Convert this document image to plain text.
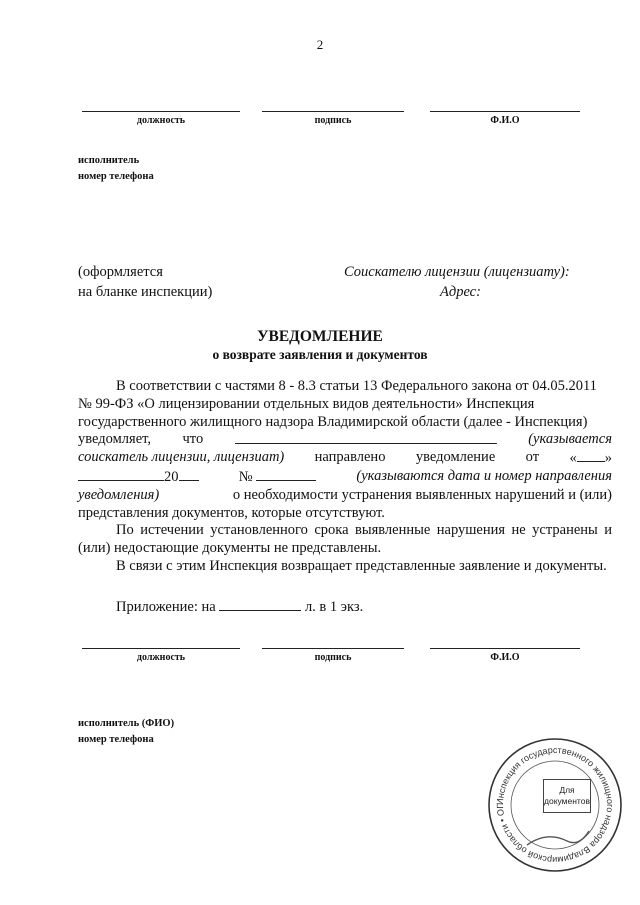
2
должность	подпись	Ф.И.О
исполнитель
номер телефона
(оформляется
на бланке инспекции)
Соискателю лицензии (лицензиату):
Адрес:
УВЕДОМЛЕНИЕ
о возврате заявления и документов
В соответствии с частями 8 - 8.3 статьи 13 Федерального закона от 04.05.2011
№ 99-ФЗ «О лицензировании отдельных видов деятельности» Инспекция
государственного жилищного надзора Владимирской области (далее - Инспекция)
уведомляет, что	(указывается
соискатель лицензии, лицензиат) направлено уведомление от « »
20	№	(указываются дата и номер направления
уведомления)	о необходимости устранения выявленных нарушений и (или)
представления документов, которые отсутствуют.

По истечении установленного срока выявленные нарушения не устранены и (или) недостающие документы не представлены.

В связи с этим Инспекция возвращает представленные заявление и документы.

Приложение: на	л. в 1 экз.
должность	подпись	Ф.И.О
исполнитель (ФИО)
номер телефона
Инспекция государственного жилищного надзора Владимирской области • ОГ
Для
документов
